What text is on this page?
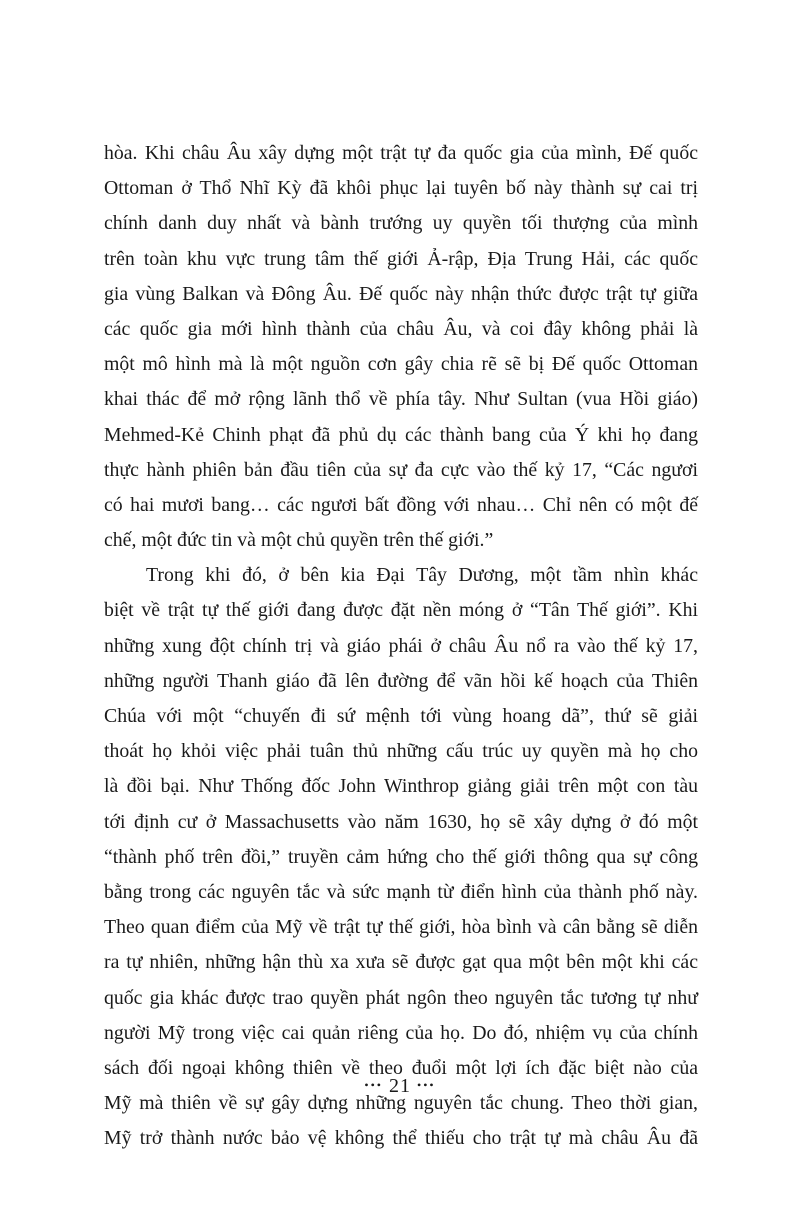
hòa. Khi châu Âu xây dựng một trật tự đa quốc gia của mình, Đế quốc
Ottoman ở Thổ Nhĩ Kỳ đã khôi phục lại tuyên bố này thành sự cai trị
chính danh duy nhất và bành trướng uy quyền tối thượng của mình
trên toàn khu vực trung tâm thế giới Ả-rập, Địa Trung Hải, các quốc
gia vùng Balkan và Đông Âu. Đế quốc này nhận thức được trật tự giữa
các quốc gia mới hình thành của châu Âu, và coi đây không phải là
một mô hình mà là một nguồn cơn gây chia rẽ sẽ bị Đế quốc Ottoman
khai thác để mở rộng lãnh thổ về phía tây. Như Sultan (vua Hồi giáo)
Mehmed-Kẻ Chinh phạt đã phủ dụ các thành bang của Ý khi họ đang
thực hành phiên bản đầu tiên của sự đa cực vào thế kỷ 17, “Các ngươi
có hai mươi bang… các ngươi bất đồng với nhau… Chỉ nên có một đế
chế, một đức tin và một chủ quyền trên thế giới.”
Trong khi đó, ở bên kia Đại Tây Dương, một tầm nhìn khác
biệt về trật tự thế giới đang được đặt nền móng ở “Tân Thế giới”. Khi
những xung đột chính trị và giáo phái ở châu Âu nổ ra vào thế kỷ 17,
những người Thanh giáo đã lên đường để vãn hồi kế hoạch của Thiên
Chúa với một “chuyến đi sứ mệnh tới vùng hoang dã”, thứ sẽ giải
thoát họ khỏi việc phải tuân thủ những cấu trúc uy quyền mà họ cho
là đồi bại. Như Thống đốc John Winthrop giảng giải trên một con tàu
tới định cư ở Massachusetts vào năm 1630, họ sẽ xây dựng ở đó một
“thành phố trên đồi,” truyền cảm hứng cho thế giới thông qua sự công
bằng trong các nguyên tắc và sức mạnh từ điển hình của thành phố này.
Theo quan điểm của Mỹ về trật tự thế giới, hòa bình và cân bằng sẽ diễn
ra tự nhiên, những hận thù xa xưa sẽ được gạt qua một bên một khi các
quốc gia khác được trao quyền phát ngôn theo nguyên tắc tương tự như
người Mỹ trong việc cai quản riêng của họ. Do đó, nhiệm vụ của chính
sách đối ngoại không thiên về theo đuổi một lợi ích đặc biệt nào của
Mỹ mà thiên về sự gây dựng những nguyên tắc chung. Theo thời gian,
Mỹ trở thành nước bảo vệ không thể thiếu cho trật tự mà châu Âu đã
••• 21 •••
